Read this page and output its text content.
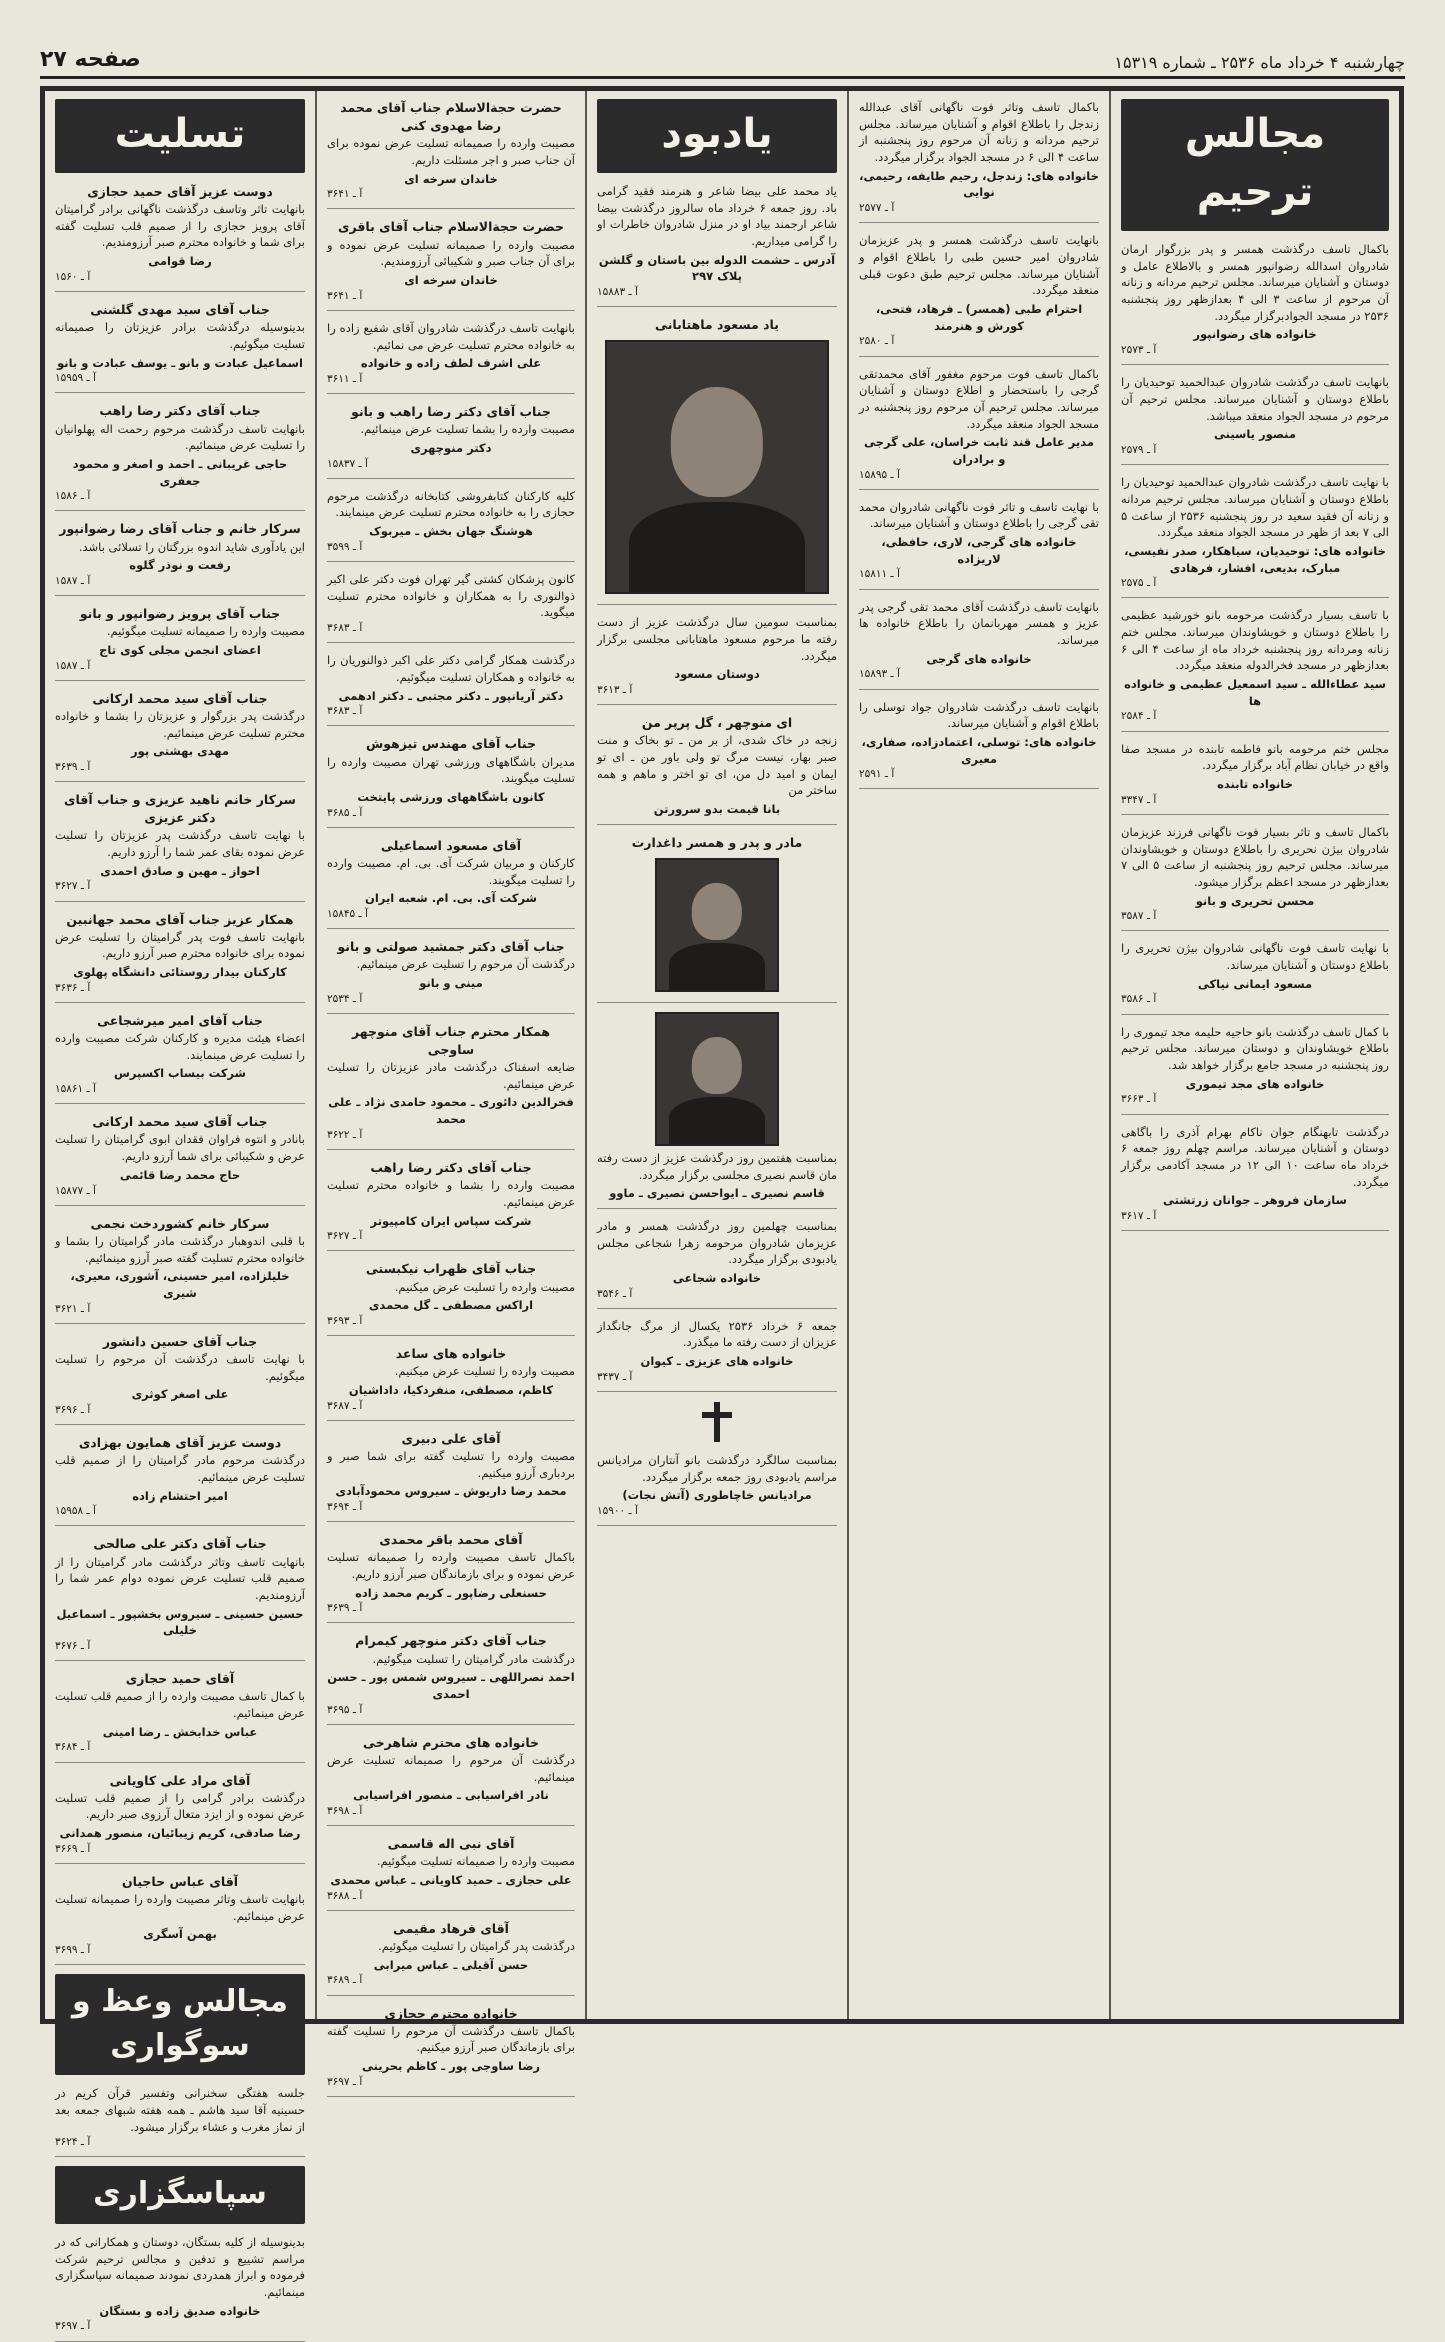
چهارشنبه ۴ خرداد ماه ۲۵۳۶ ـ شماره ۱۵۳۱۹
صفحه ۲۷
مجالس ترحیم
باکمال تاسف درگذشت همسر و پدر بزرگوار ارمان شادروان اسدالله رضوانپور همسر و بالاطلاع عامل و دوستان و آشنایان میرساند. مجلس ترحیم مردانه و زنانه آن مرحوم از ساعت ۳ الی ۴ بعدازظهر روز پنجشنبه ۲۵۳۶ در مسجد الجوادبرگزار میگردد.
خانواده های رضوانپور
آ ـ ۲۵۷۳
بانهایت تاسف درگذشت شادروان عبدالحمید توحیدیان را باطلاع دوستان و آشنایان میرساند. مجلس ترحیم آن مرحوم در مسجد الجواد منعقد میباشد.
منصور یاسینی
آ ـ ۲۵۷۹
با نهایت تاسف درگذشت شادروان عبدالحمید توحیدیان را باطلاع دوستان و آشنایان میرساند. مجلس ترحیم مردانه و زنانه آن فقید سعید در روز پنجشنبه ۲۵۳۶ از ساعت ۵ الی ۷ بعد از ظهر در مسجد الجواد منعقد میگردد.
خانواده های: توحیدیان، سیاهکار، صدر نفیسی، مبارک، بدیعی، افشار، فرهادی
آ ـ ۲۵۷۵
با تاسف بسیار درگذشت مرحومه بانو خورشید عظیمی را باطلاع دوستان و خویشاوندان میرساند. مجلس ختم زنانه ومردانه روز پنجشنبه خرداد ماه از ساعت ۴ الی ۶ بعدازظهر در مسجد فخرالدوله منعقد میگردد.
سید عطاءالله ـ سید اسمعیل عظیمی و خانواده ها
آ ـ ۲۵۸۴
مجلس ختم مرحومه بانو فاطمه تابنده در مسجد صفا واقع در خیابان نظام آباد برگزار میگردد.
خانواده تابنده
آ ـ ۳۳۴۷
باکمال تاسف و تاثر بسیار فوت ناگهانی فرزند عزیزمان شادروان بیژن نحریری را باطلاع دوستان و خویشاوندان میرساند. مجلس ترحیم روز پنجشنبه از ساعت ۵ الی ۷ بعدازظهر در مسجد اعظم برگزار میشود.
محسن تحریری و بانو
آ ـ ۳۵۸۷
با نهایت تاسف فوت ناگهانی شادروان بیژن تحریری را باطلاع دوستان و آشنایان میرساند.
مسعود ایمانی نیاکی
آ ـ ۳۵۸۶
با کمال تاسف درگذشت بانو حاجیه حلیمه مجد تیموری را باطلاع خویشاوندان و دوستان میرساند. مجلس ترحیم روز پنجشنبه در مسجد جامع برگزار خواهد شد.
خانواده های مجد تیموری
آ ـ ۳۶۶۳
درگذشت تابهنگام جوان ناکام بهرام آذری را باگاهی دوستان و آشنایان میرساند. مراسم چهلم روز جمعه ۶ خرداد ماه ساعت ۱۰ الی ۱۲ در مسجد آکادمی برگزار میگردد.
سازمان فروهر ـ جوانان زرتشتی
آ ـ ۳۶۱۷
باکمال تاسف وتاثر فوت ناگهانی آقای عبدالله زندجل را باطلاع اقوام و آشنایان میرساند. مجلس ترحیم مردانه و زنانه آن مرحوم روز پنجشنبه از ساعت ۴ الی ۶ در مسجد الجواد برگزار میگردد.
خانواده های: زندجل، رحیم طایفه، رحیمی، نوایی
آ ـ ۲۵۷۷
بانهایت تاسف درگذشت همسر و پدر عزیزمان شادروان امیر حسین طبی را باطلاع اقوام و آشنایان میرساند. مجلس ترحیم طبق دعوت قبلی منعقد میگردد.
احترام طبی (همسر) ـ فرهاد، فتحی، کورش و هنرمند
آ ـ ۲۵۸۰
باکمال تاسف فوت مرحوم مغفور آقای محمدتقی گرجی را باستحضار و اطلاع دوستان و آشنایان میرساند. مجلس ترحیم آن مرحوم روز پنجشنبه در مسجد الجواد منعقد میگردد.
مدیر عامل قند ثابت خراسان، علی گرجی و برادران
آ ـ ۱۵۸۹۵
با نهایت تاسف و تاثر فوت ناگهانی شادروان محمد تقی گرجی را باطلاع دوستان و آشنایان میرساند.
خانواده های گرجی، لاری، حافظی، لاریزاده
آ ـ ۱۵۸۱۱
بانهایت تاسف درگذشت آقای محمد تقی گرجی پدر عزیز و همسر مهربانمان را باطلاع خانواده ها میرساند.
خانواده های گرجی
آ ـ ۱۵۸۹۳
بانهایت تاسف درگذشت شادروان جواد توسلی را باطلاع اقوام و آشنایان میرساند.
خانواده های: توسلی، اعتمادزاده، صفاری، معیری
آ ـ ۲۵۹۱
یادبود
یاد محمد علی بیضا شاعر و هنرمند فقید گرامی باد. روز جمعه ۶ خرداد ماه سالروز درگذشت بیضا شاعر ارجمند بیاد او در منزل شادروان خاطرات او را گرامی میداریم.
آدرس ـ حشمت الدوله بین باستان و گلشن پلاک ۲۹۷
آ ـ ۱۵۸۸۳
یاد مسعود ماهتابانی
بمناسبت سومین سال درگذشت عزیز از دست رفته ما مرحوم مسعود ماهتابانی مجلسی برگزار میگردد.
دوستان مسعود
آ ـ ۳۶۱۳
ای منوچهر ، گل پرپر من
زنجه در خاک شدی، از بر من ـ تو بخاک و منت صبر بهار، نیست مرگ تو ولی باور من ـ ای تو ایمان و امید دل من، ای تو اختر و ماهم و همه ساختر من
بانا قیمت بدو سرورتن
مادر و پدر و همسر داغدارت
بمناسبت هفتمین روز درگذشت عزیز از دست رفته مان قاسم نصیری مجلسی برگزار میگردد.
قاسم نصیری ـ ایواحسن نصیری ـ ماوو
بمناسبت چهلمین روز درگذشت همسر و مادر عزیزمان شادروان مرحومه زهرا شجاعی مجلس یادبودی برگزار میگردد.
خانواده شجاعی
آ ـ ۳۵۴۶
جمعه ۶ خرداد ۲۵۳۶ یکسال از مرگ جانگداز عزیزان از دست رفته ما میگذرد.
خانواده های عزیزی ـ کیوان
آ ـ ۳۴۳۷
بمناسبت سالگرد درگذشت بانو آنتاران مرادیانس مراسم یادبودی روز جمعه برگزار میگردد.
مرادیانس خاچاطوری (آتش نجات)
آ ـ ۱۵۹۰۰
حضرت حجةالاسلام جناب آقای محمد رضا مهدوی کنی
مصیبت وارده را صمیمانه تسلیت عرض نموده برای آن جناب صبر و اجر مسئلت داریم.
خاندان سرخه ای
آ ـ ۳۶۴۱
حضرت حجةالاسلام جناب آقای باقری
مصیبت وارده را صمیمانه تسلیت عرض نموده و برای آن جناب صبر و شکیبائی آرزومندیم.
خاندان سرخه ای
آ ـ ۳۶۴۱
بانهایت تاسف درگذشت شادروان آقای شفیع زاده را به خانواده محترم تسلیت عرض می نمائیم.
علی اشرف لطف زاده و خانواده
آ ـ ۳۶۱۱
جناب آقای دکتر رضا راهب و بانو
مصیبت وارده را بشما تسلیت عرض مینمائیم.
دکتر منوچهری
آ ـ ۱۵۸۳۷
کلیه کارکنان کتابفروشی کتابخانه درگذشت مرحوم حجازی را به خانواده محترم تسلیت عرض مینمایند.
هوشنگ جهان بخش ـ میربوک
آ ـ ۳۵۹۹
کانون پزشکان کشتی گیر تهران فوت دکتر علی اکبر ذوالنوری را به همکاران و خانواده محترم تسلیت میگوید.
آ ـ ۳۶۸۳
درگذشت همکار گرامی دکتر علی اکبر ذوالنوریان را به خانواده و همکاران تسلیت میگوئیم.
دکتر آریانپور ـ دکتر مجتبی ـ دکتر ادهمی
آ ـ ۳۶۸۳
جناب آقای مهندس تیزهوش
مدیران باشگاههای ورزشی تهران مصیبت وارده را تسلیت میگویند.
کانون باشگاههای ورزشی پایتخت
آ ـ ۳۶۸۵
آقای مسعود اسماعیلی
کارکنان و مربیان شرکت آی. بی. ام. مصیبت وارده را تسلیت میگویند.
شرکت آی. بی. ام. شعبه ایران
آ ـ ۱۵۸۴۵
جناب آقای دکتر جمشید صولتی و بانو
درگذشت آن مرحوم را تسلیت عرض مینمائیم.
مینی و بانو
آ ـ ۲۵۳۴
همکار محترم جناب آقای منوچهر ساوجی
ضایعه اسفناک درگذشت مادر عزیزتان را تسلیت عرض مینمائیم.
فخرالدین دائوری ـ محمود حامدی نژاد ـ علی محمد
آ ـ ۳۶۲۲
جناب آقای دکتر رضا راهب
مصیبت وارده را بشما و خانواده محترم تسلیت عرض مینمائیم.
شرکت سپاس ایران کامپیوتر
آ ـ ۳۶۲۷
جناب آقای ظهراب نیکبستی
مصیبت وارده را تسلیت عرض میکنیم.
اراکس مصطفی ـ گل محمدی
آ ـ ۳۶۹۳
خانواده های ساعد
مصیبت وارده را تسلیت عرض میکنیم.
کاظم، مصطفی، منفردکیا، داداشیان
آ ـ ۳۶۸۷
آقای علی دبیری
مصیبت وارده را تسلیت گفته برای شما صبر و بردباری آرزو میکنیم.
محمد رضا داریوش ـ سیروس محمودآبادی
آ ـ ۳۶۹۴
آقای محمد باقر محمدی
باکمال تاسف مصیبت وارده را صمیمانه تسلیت عرض نموده و برای بازماندگان صبر آرزو داریم.
حسنعلی رضاپور ـ کریم محمد زاده
آ ـ ۳۶۳۹
جناب آقای دکتر منوچهر کیمرام
درگذشت مادر گرامیتان را تسلیت میگوئیم.
احمد نصراللهی ـ سیروس شمس پور ـ حسن احمدی
آ ـ ۳۶۹۵
خانواده های محترم شاهرخی
درگذشت آن مرحوم را صمیمانه تسلیت عرض مینمائیم.
نادر افراسیابی ـ منصور افراسیابی
آ ـ ۳۶۹۸
آقای نبی اله قاسمی
مصیبت وارده را صمیمانه تسلیت میگوئیم.
علی حجازی ـ حمید کاویانی ـ عباس محمدی
آ ـ ۳۶۸۸
آقای فرهاد مقیمی
درگذشت پدر گرامیتان را تسلیت میگوئیم.
حسن آقیلی ـ عباس میرابی
آ ـ ۳۶۸۹
خانواده محترم حجازی
باکمال تاسف درگذشت آن مرحوم را تسلیت گفته برای بازماندگان صبر آرزو میکنیم.
رضا ساوجی پور ـ کاظم بحرینی
آ ـ ۳۶۹۷
تسلیت
دوست عزیز آقای حمید حجازی
بانهایت تاثر وتاسف درگذشت ناگهانی برادر گرامیتان آقای پرویز حجازی را از صمیم قلب تسلیت گفته برای شما و خانواده محترم صبر آرزومندیم.
رضا قوامی
آ ـ ۱۵۶۰
جناب آقای سید مهدی گلشنی
بدینوسیله درگذشت برادر عزیزتان را صمیمانه تسلیت میگوئیم.
اسماعیل عبادت و بانو ـ یوسف عبادت و بانو
آ ـ ۱۵۹۵۹
جناب آقای دکتر رضا راهب
بانهایت تاسف درگذشت مرحوم رحمت اله پهلوانیان را تسلیت عرض مینمائیم.
حاجی غریبانی ـ احمد و اصغر و محمود جعفری
آ ـ ۱۵۸۶
سرکار خانم و جناب آقای رضا رضوانپور
این یادآوری شاید اندوه بزرگتان را تسلائی باشد.
رفعت و نوذر گلوه
آ ـ ۱۵۸۷
جناب آقای پرویز رضوانپور و بانو
مصیبت وارده را صمیمانه تسلیت میگوئیم.
اعضای انجمن مجلی کوی تاج
آ ـ ۱۵۸۷
جناب آقای سید محمد ارکانی
درگذشت پدر بزرگوار و عزیزتان را بشما و خانواده محترم تسلیت عرض مینمائیم.
مهدی بهشتی پور
آ ـ ۳۶۳۹
سرکار خانم ناهید عزیزی و جناب آقای دکتر عزیزی
با نهایت تاسف درگذشت پدر عزیزتان را تسلیت عرض نموده بقای عمر شما را آرزو داریم.
احواز ـ مهین و صادق احمدی
آ ـ ۳۶۲۷
همکار عزیز جناب آقای محمد جهانبین
بانهایت تاسف فوت پدر گرامیتان را تسلیت عرض نموده برای خانواده محترم صبر آرزو داریم.
کارکنان بیدار روستائی دانشگاه پهلوی
آ ـ ۳۶۳۶
جناب آقای امیر میرشجاعی
اعضاء هیئت مدیره و کارکنان شرکت مصیبت وارده را تسلیت عرض مینمایند.
شرکت بیساب اکسپرس
آ ـ ۱۵۸۶۱
جناب آقای سید محمد ارکانی
بانادر و انتوه فراوان فقدان ابوی گرامیتان را تسلیت عرض و شکیبائی برای شما آرزو داریم.
حاج محمد رضا قائمی
آ ـ ۱۵۸۷۷
سرکار خانم کشوردخت نجمی
با قلبی اندوهبار درگذشت مادر گرامیتان را بشما و خانواده محترم تسلیت گفته صبر آرزو مینمائیم.
خلیلزاده، امیر حسینی، آشوری، معیری، شیری
آ ـ ۳۶۲۱
جناب آقای حسین دانشور
با نهایت تاسف درگذشت آن مرحوم را تسلیت میگوئیم.
علی اصغر کوثری
آ ـ ۳۶۹۶
دوست عزیز آقای همایون بهزادی
درگذشت مرحوم مادر گرامیتان را از صمیم قلب تسلیت عرض مینمائیم.
امیر احتشام زاده
آ ـ ۱۵۹۵۸
جناب آقای دکتر علی صالحی
بانهایت تاسف وتاثر درگذشت مادر گرامیتان را از صمیم قلب تسلیت عرض نموده دوام عمر شما را آرزومندیم.
حسین حسینی ـ سیروس بخشپور ـ اسماعیل خلیلی
آ ـ ۳۶۷۶
آقای حمید حجازی
با کمال تاسف مصیبت وارده را از صمیم قلب تسلیت عرض مینمائیم.
عباس خدابخش ـ رضا امینی
آ ـ ۳۶۸۴
آقای مراد علی کاویانی
درگذشت برادر گرامی را از صمیم قلب تسلیت عرض نموده و از ایزد متعال آرزوی صبر داریم.
رضا صادقی، کریم زیبائیان، منصور همدانی
آ ـ ۳۶۶۹
آقای عباس حاجیان
بانهایت تاسف وتاثر مصیبت وارده را صمیمانه تسلیت عرض مینمائیم.
بهمن آسگری
آ ـ ۳۶۹۹
مجالس وعظ و سوگواری
جلسه هفتگی سخنرانی وتفسیر قرآن کریم در حسینیه آقا سید هاشم ـ همه هفته شبهای جمعه بعد از نماز مغرب و عشاء برگزار میشود.
آ ـ ۳۶۲۴
سپاسگزاری
بدینوسیله از کلیه بستگان، دوستان و همکارانی که در مراسم تشییع و تدفین و مجالس ترحیم شرکت فرموده و ابراز همدردی نمودند صمیمانه سپاسگزاری مینمائیم.
خانواده صدیق زاده و بستگان
آ ـ ۳۶۹۷
